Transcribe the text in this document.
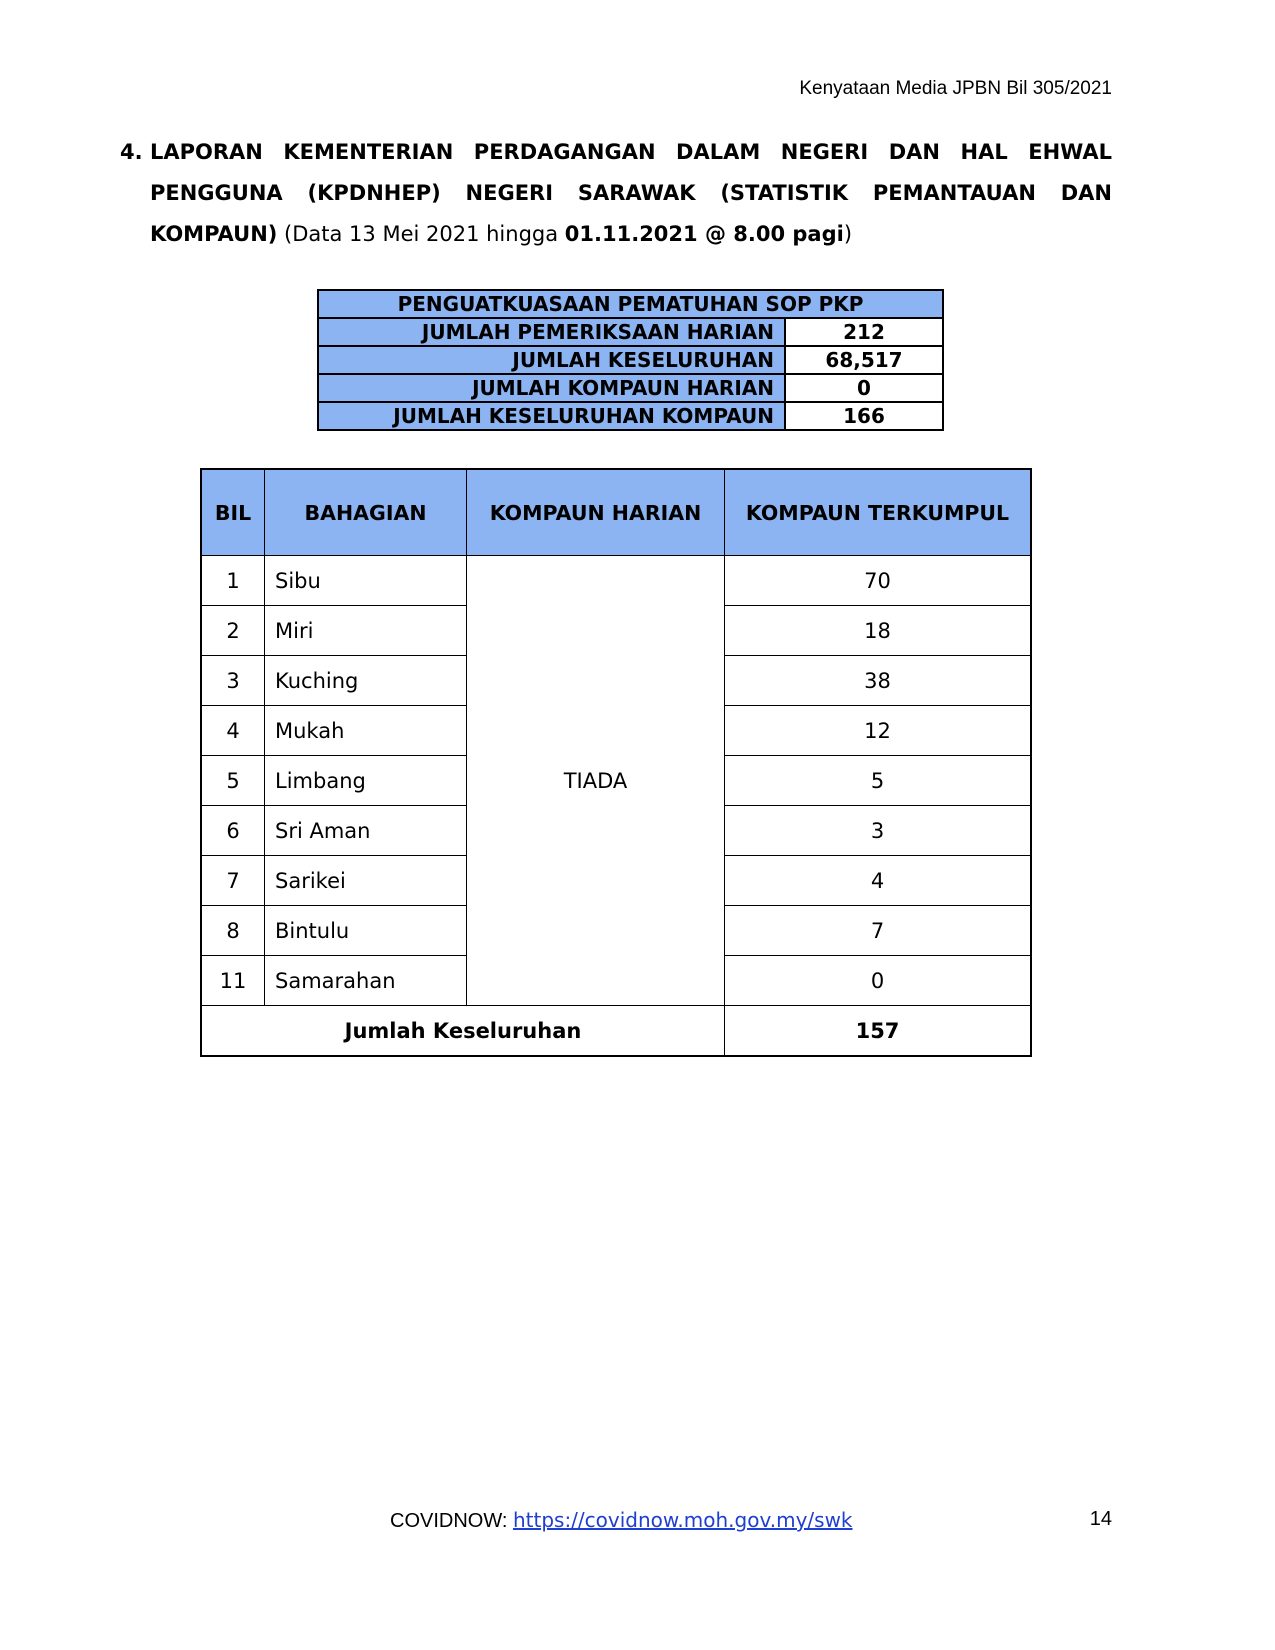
Kenyataan Media JPBN Bil 305/2021
4. LAPORAN KEMENTERIAN PERDAGANGAN DALAM NEGERI DAN HAL EHWAL PENGGUNA (KPDNHEP) NEGERI SARAWAK (STATISTIK PEMANTAUAN DAN KOMPAUN) (Data 13 Mei 2021 hingga 01.11.2021 @ 8.00 pagi)
PENGUATKUASAAN PEMATUHAN SOP PKP	
JUMLAH PEMERIKSAAN HARIAN	212
JUMLAH KESELURUHAN	68,517
JUMLAH KOMPAUN HARIAN	0
JUMLAH KESELURUHAN KOMPAUN	166
BIL	BAHAGIAN	KOMPAUN HARIAN	KOMPAUN TERKUMPUL
1	Sibu	TIADA	70
2	Miri		18
3	Kuching		38
4	Mukah		12
5	Limbang		5
6	Sri Aman		3
7	Sarikei		4
8	Bintulu		7
11	Samarahan		0
Jumlah Keseluruhan			157
COVIDNOW: https://covidnow.moh.gov.my/swk	14
